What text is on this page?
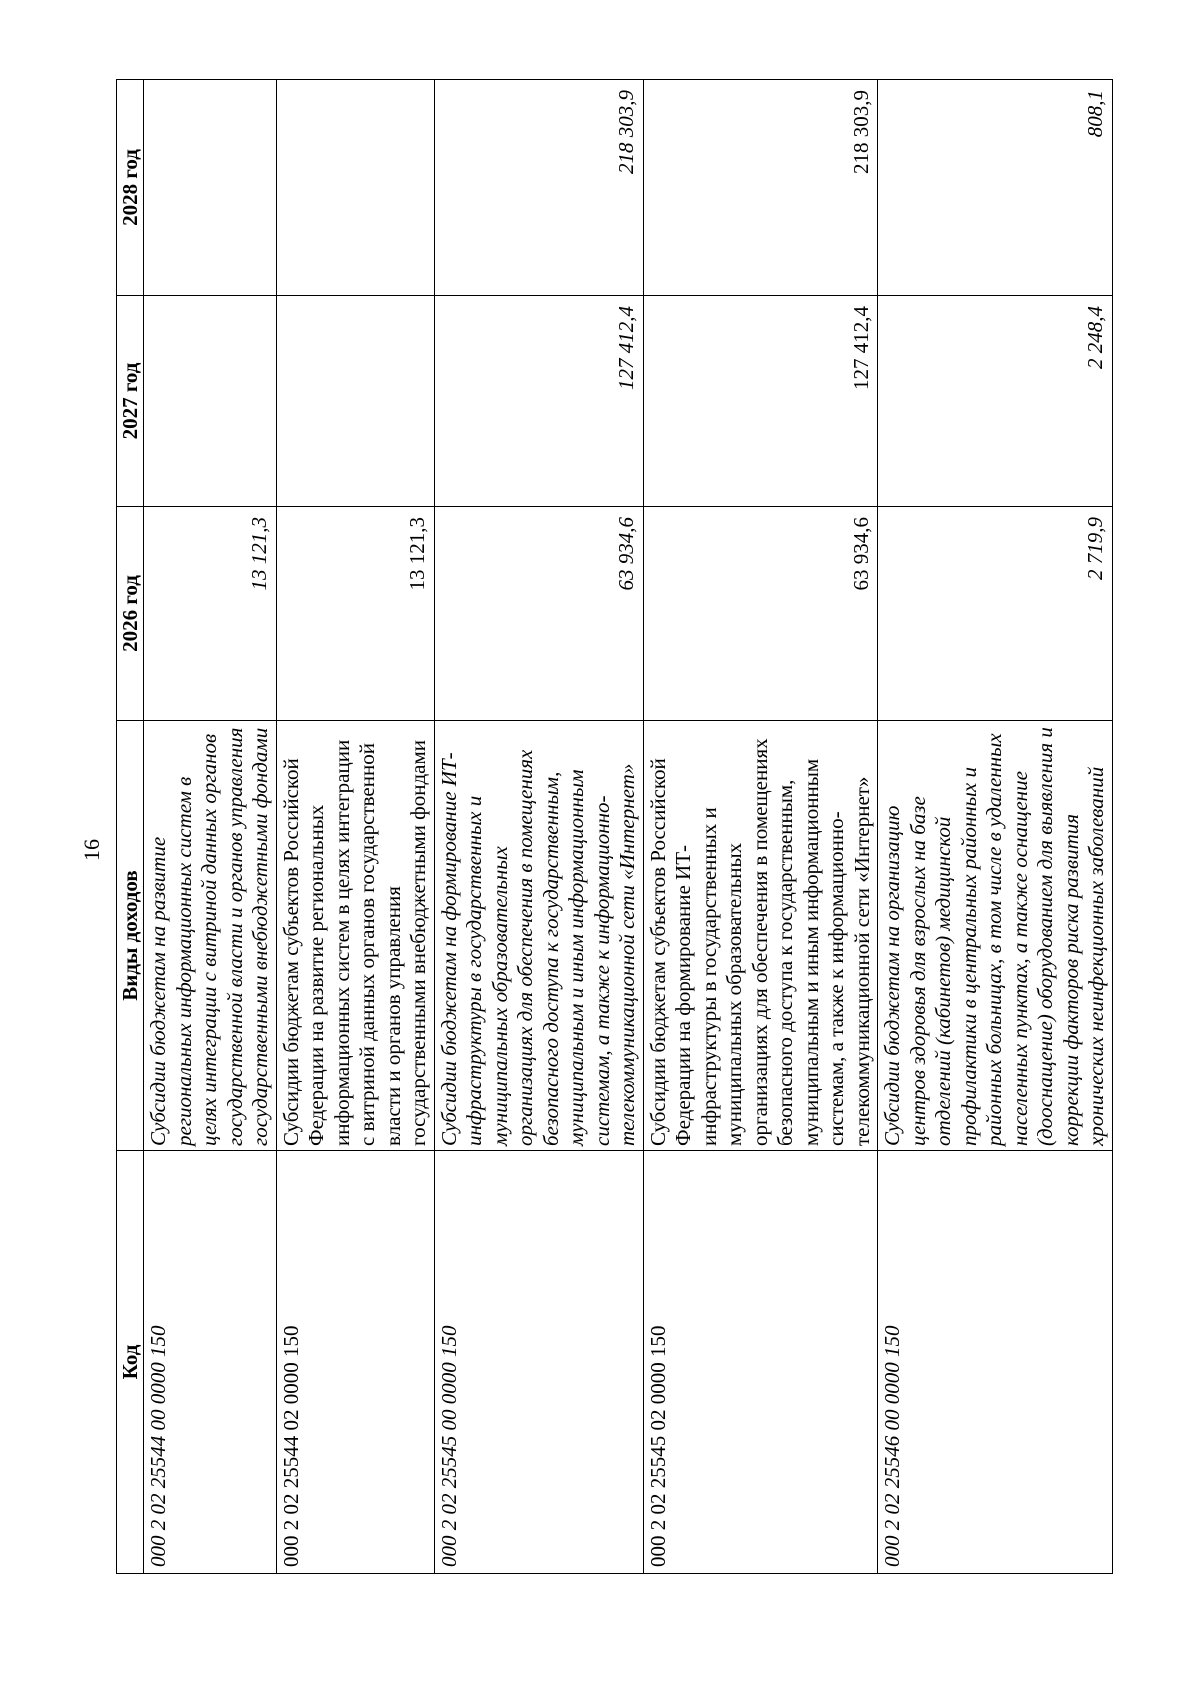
16
Код	Виды доходов	2026 год	2027 год	2028 год
000 2 02 25544 00 0000 150	Субсидии бюджетам на развитие региональных информационных систем в целях интеграции с витриной данных органов государственной власти и органов управления государственными внебюджетными фондами	13 121,3		
000 2 02 25544 02 0000 150	Субсидии бюджетам субъектов Российской Федерации на развитие региональных информационных систем в целях интеграции с витриной данных органов государственной власти и органов управления государственными внебюджетными фондами	13 121,3		
000 2 02 25545 00 0000 150	Субсидии бюджетам на формирование ИТ-инфраструктуры в государственных и муниципальных образовательных организациях для обеспечения в помещениях безопасного доступа к государственным, муниципальным и иным информационным системам, а также к информационно-телекоммуникационной сети «Интернет»	63 934,6	127 412,4	218 303,9
000 2 02 25545 02 0000 150	Субсидии бюджетам субъектов Российской Федерации на формирование ИТ-инфраструктуры в государственных и муниципальных образовательных организациях для обеспечения в помещениях безопасного доступа к государственным, муниципальным и иным информационным системам, а также к информационно-телекоммуникационной сети «Интернет»	63 934,6	127 412,4	218 303,9
000 2 02 25546 00 0000 150	Субсидии бюджетам на организацию центров здоровья для взрослых на базе отделений (кабинетов) медицинской профилактики в центральных районных и районных больницах, в том числе в удаленных населенных пунктах, а также оснащение (дооснащение) оборудованием для выявления и коррекции факторов риска развития хронических неинфекционных заболеваний	2 719,9	2 248,4	808,1
